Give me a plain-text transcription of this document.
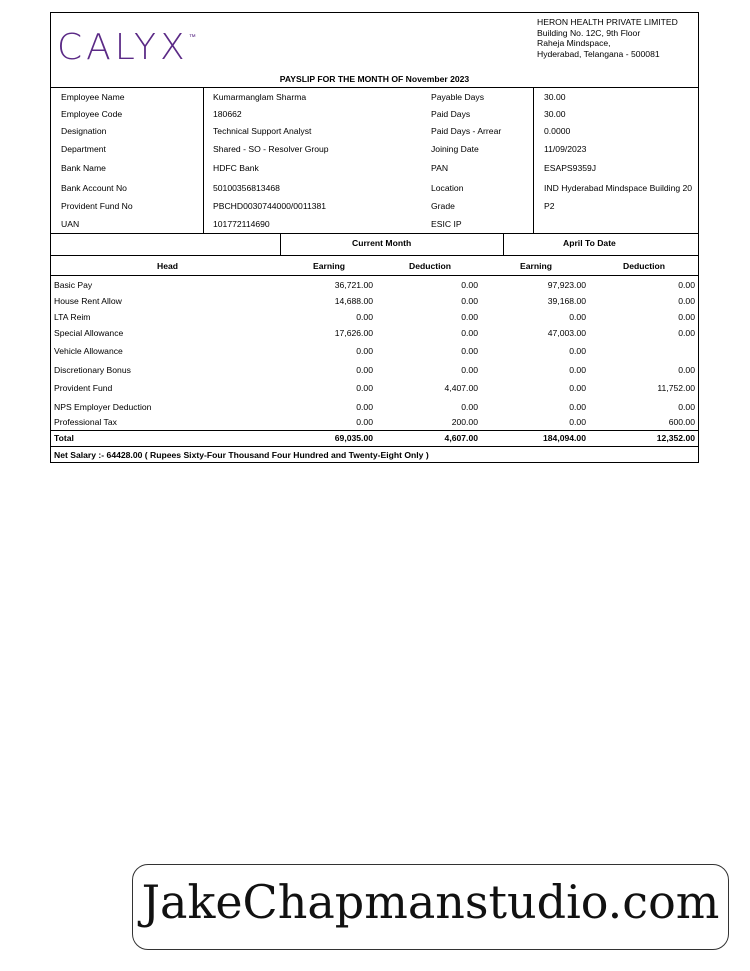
CALYX™
HERON HEALTH PRIVATE LIMITED
Building No. 12C, 9th Floor
Raheja Mindspace,
Hyderabad, Telangana - 500081
PAYSLIP FOR THE MONTH OF November 2023
Employee Name	Kumarmanglam Sharma	Payable Days	30.00
Employee Code	180662	Paid Days	30.00
Designation	Technical Support Analyst	Paid Days - Arrear	0.0000
Department	Shared - SO - Resolver Group	Joining Date	11/09/2023
Bank Name	HDFC Bank	PAN	ESAPS9359J
Bank Account No	50100356813468	Location	IND Hyderabad Mindspace Building 20
Provident Fund No	PBCHD0030744000/0011381	Grade	P2
UAN	101772114690	ESIC IP
Current Month	April To Date
Head	Earning	Deduction	Earning	Deduction
Basic Pay	36,721.00	0.00	97,923.00	0.00
House Rent Allow	14,688.00	0.00	39,168.00	0.00
LTA Reim	0.00	0.00	0.00	0.00
Special Allowance	17,626.00	0.00	47,003.00	0.00
Vehicle Allowance	0.00	0.00	0.00
Discretionary Bonus	0.00	0.00	0.00	0.00
Provident Fund	0.00	4,407.00	0.00	11,752.00
NPS Employer Deduction	0.00	0.00	0.00	0.00
Professional Tax	0.00	200.00	0.00	600.00
Total	69,035.00	4,607.00	184,094.00	12,352.00
Net Salary :- 64428.00 ( Rupees Sixty-Four Thousand Four Hundred and Twenty-Eight Only )
JakeChapmanstudio.com
